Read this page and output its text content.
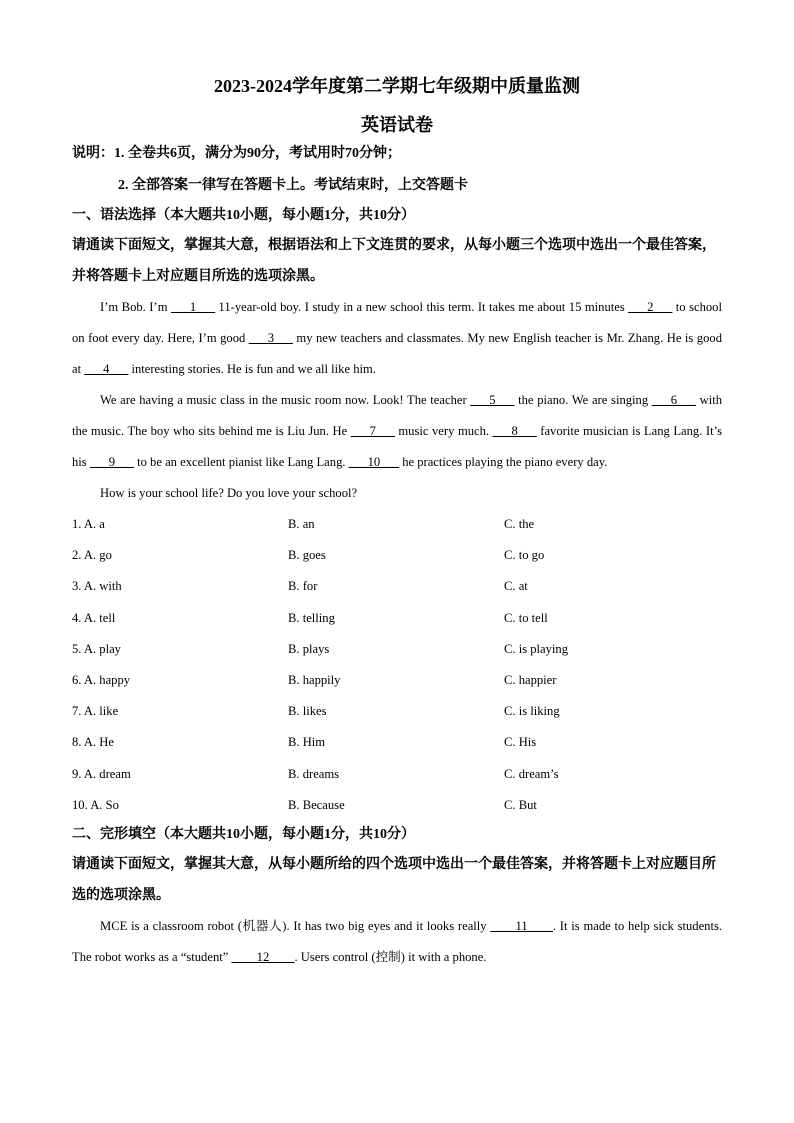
2023-2024学年度第二学期七年级期中质量监测
英语试卷
说明：1. 全卷共6页，满分为90分，考试用时70分钟；
2. 全部答案一律写在答题卡上。考试结束时，上交答题卡
一、语法选择（本大题共10小题，每小题1分，共10分）
请通读下面短文，掌握其大意，根据语法和上下文连贯的要求，从每小题三个选项中选出一个最佳答案，并将答题卡上对应题目所选的选项涂黑。

I’m Bob. I’m ___1___ 11-year-old boy. I study in a new school this term. It takes me about 15 minutes ___2___ to school on foot every day. Here, I’m good ___3___ my new teachers and classmates. My new English teacher is Mr. Zhang. He is good at ___4___ interesting stories. He is fun and we all like him.

We are having a music class in the music room now. Look! The teacher ___5___ the piano. We are singing ___6___ with the music. The boy who sits behind me is Liu Jun. He ___7___ music very much. ___8___ favorite musician is Lang Lang. It’s his ___9___ to be an excellent pianist like Lang Lang. ___10___ he practices playing the piano every day.

How is your school life? Do you love your school?

1. A. a	B. an	C. the
2. A. go	B. goes	C. to go
3. A. with	B. for	C. at
4. A. tell	B. telling	C. to tell
5. A. play	B. plays	C. is playing
6. A. happy	B. happily	C. happier
7. A. like	B. likes	C. is liking
8. A. He	B. Him	C. His
9. A. dream	B. dreams	C. dream’s
10. A. So	B. Because	C. But
二、完形填空（本大题共10小题，每小题1分，共10分）
请通读下面短文，掌握其大意，从每小题所给的四个选项中选出一个最佳答案，并将答题卡上对应题目所选的选项涂黑。

MCE is a classroom robot (机器人). It has two big eyes and it looks really ____11____. It is made to help sick students. The robot works as a “student” ____12____. Users control (控制) it with a phone.
